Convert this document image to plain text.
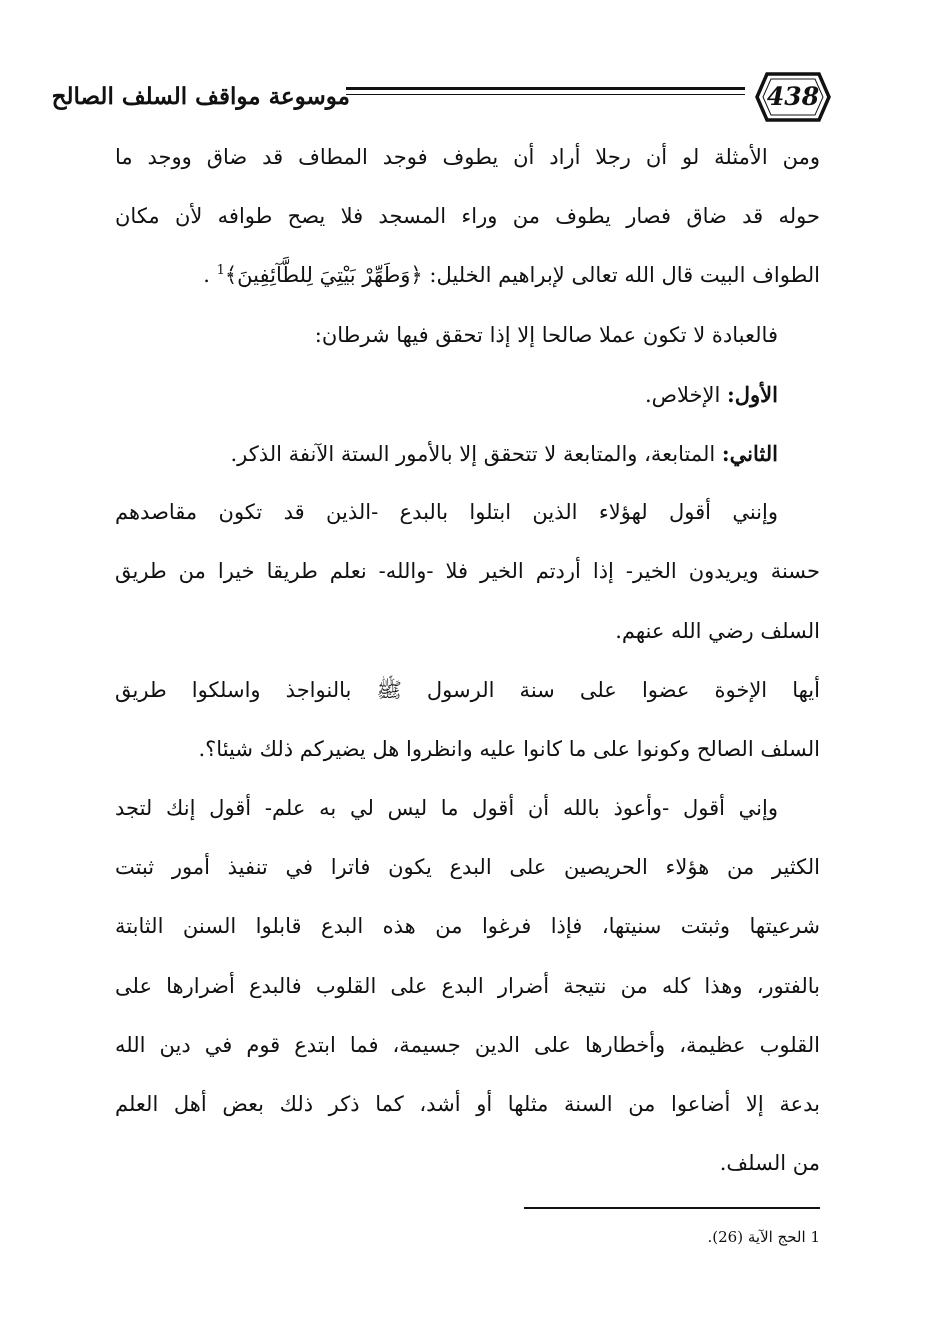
موسوعة مواقف السلف الصالح	438
ومن الأمثلة لو أن رجلا أراد أن يطوف فوجد المطاف قد ضاق ووجد ما
حوله قد ضاق فصار يطوف من وراء المسجد فلا يصح طوافه لأن مكان
الطواف البيت قال الله تعالى لإبراهيم الخليل: ﴿وَطَهِّرْ بَيْتِيَ لِلطَّآئِفِينَ﴾$^1$ .
فالعبادة لا تكون عملا صالحا إلا إذا تحقق فيها شرطان:
الأول: الإخلاص.
الثاني: المتابعة، والمتابعة لا تتحقق إلا بالأمور الستة الآنفة الذكر.
وإنني أقول لهؤلاء الذين ابتلوا بالبدع -الذين قد تكون مقاصدهم
حسنة ويريدون الخير- إذا أردتم الخير فلا -والله- نعلم طريقا خيرا من طريق
السلف رضي الله عنهم.
أيها الإخوة عضوا على سنة الرسول ﷺ بالنواجذ واسلكوا طريق
السلف الصالح وكونوا على ما كانوا عليه وانظروا هل يضيركم ذلك شيئا؟.
وإني أقول -وأعوذ بالله أن أقول ما ليس لي به علم- أقول إنك لتجد
الكثير من هؤلاء الحريصين على البدع يكون فاترا في تنفيذ أمور ثبتت
شرعيتها وثبتت سنيتها، فإذا فرغوا من هذه البدع قابلوا السنن الثابتة
بالفتور، وهذا كله من نتيجة أضرار البدع على القلوب فالبدع أضرارها على
القلوب عظيمة، وأخطارها على الدين جسيمة، فما ابتدع قوم في دين الله
بدعة إلا أضاعوا من السنة مثلها أو أشد، كما ذكر ذلك بعض أهل العلم
من السلف.
1 الحج الآية (26).
